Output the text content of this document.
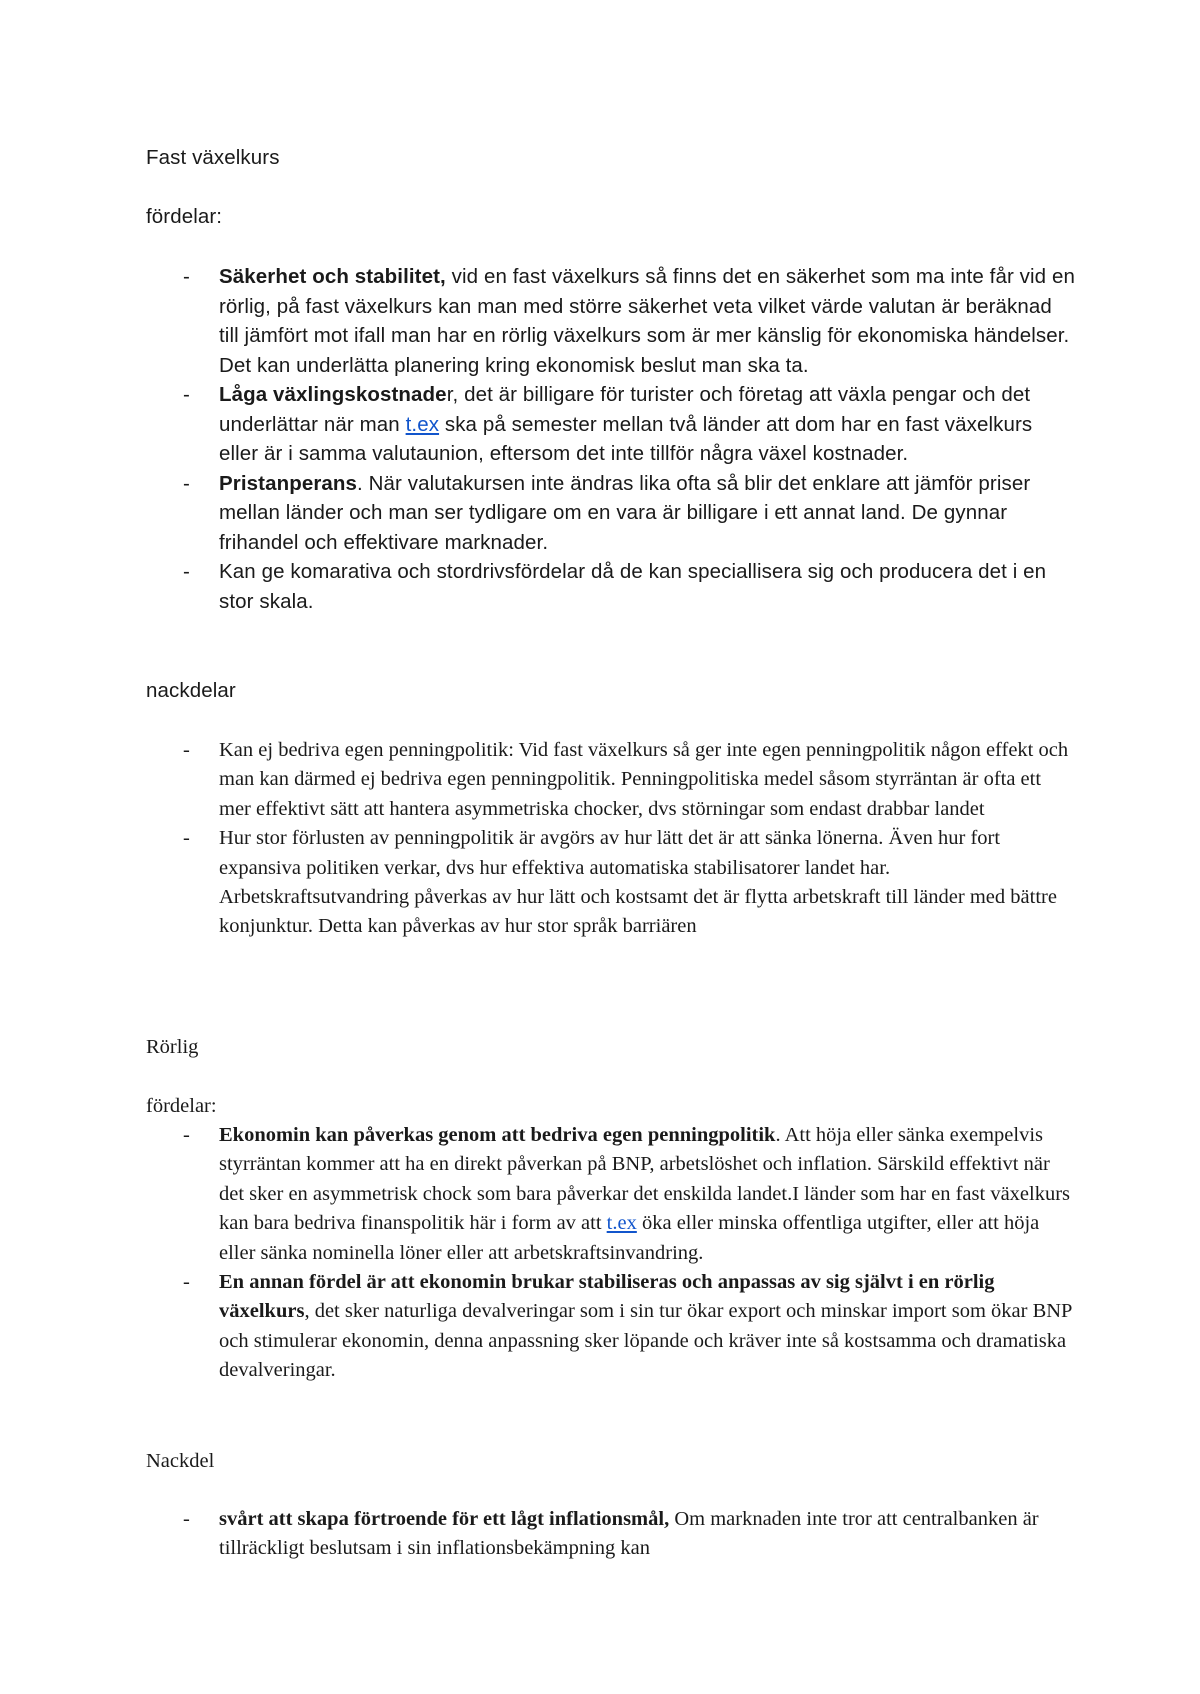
Fast växelkurs

fördelar:

- Säkerhet och stabilitet, vid en fast växelkurs så finns det en säkerhet som ma inte får vid en rörlig, på fast växelkurs kan man med större säkerhet veta vilket värde valutan är beräknad till jämfört mot ifall man har en rörlig växelkurs som är mer känslig för ekonomiska händelser. Det kan underlätta planering kring ekonomisk beslut man ska ta.
- Låga växlingskostnader, det är billigare för turister och företag att växla pengar och det underlättar när man t.ex ska på semester mellan två länder att dom har en fast växelkurs eller är i samma valutaunion, eftersom det inte tillför några växel kostnader.
- Pristanperans. När valutakursen inte ändras lika ofta så blir det enklare att jämför priser mellan länder och man ser tydligare om en vara är billigare i ett annat land. De gynnar frihandel och effektivare marknader.
- Kan ge komarativa och stordrivsfördelar då de kan speciallisera sig och producera det i en stor skala.

nackdelar

- Kan ej bedriva egen penningpolitik: Vid fast växelkurs så ger inte egen penningpolitik någon effekt och man kan därmed ej bedriva egen penningpolitik. Penningpolitiska medel såsom styrräntan är ofta ett mer effektivt sätt att hantera asymmetriska chocker, dvs störningar som endast drabbar landet
- Hur stor förlusten av penningpolitik är avgörs av hur lätt det är att sänka lönerna. Även hur fort expansiva politiken verkar, dvs hur effektiva automatiska stabilisatorer landet har. Arbetskraftsutvandring påverkas av hur lätt och kostsamt det är flytta arbetskraft till länder med bättre konjunktur. Detta kan påverkas av hur stor språk barriären

Rörlig

fördelar:

- Ekonomin kan påverkas genom att bedriva egen penningpolitik. Att höja eller sänka exempelvis styrräntan kommer att ha en direkt påverkan på BNP, arbetslöshet och inflation. Särskild effektivt när det sker en asymmetrisk chock som bara påverkar det enskilda landet.I länder som har en fast växelkurs kan bara bedriva finanspolitik här i form av att t.ex öka eller minska offentliga utgifter, eller att höja eller sänka nominella löner eller att arbetskraftsinvandring.
- En annan fördel är att ekonomin brukar stabiliseras och anpassas av sig självt i en rörlig växelkurs, det sker naturliga devalveringar som i sin tur ökar export och minskar import som ökar BNP och stimulerar ekonomin, denna anpassning sker löpande och kräver inte så kostsamma och dramatiska devalveringar.

Nackdel

- svårt att skapa förtroende för ett lågt inflationsmål, Om marknaden inte tror att centralbanken är tillräckligt beslutsam i sin inflationsbekämpning kan
